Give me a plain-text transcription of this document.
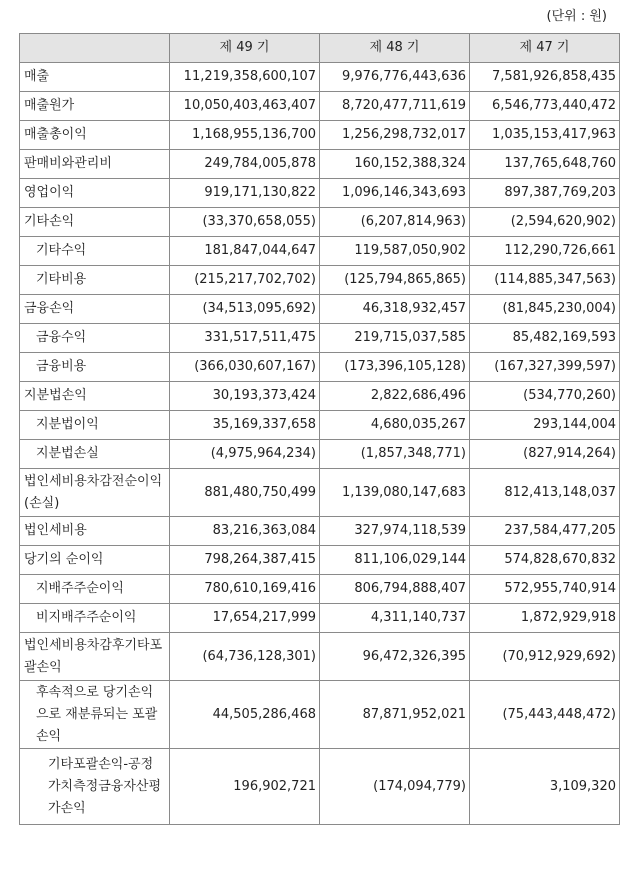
(단위 : 원)
	제 49 기	제 48 기	제 47 기
매출	11,219,358,600,107	9,976,776,443,636	7,581,926,858,435
매출원가	10,050,403,463,407	8,720,477,711,619	6,546,773,440,472
매출총이익	1,168,955,136,700	1,256,298,732,017	1,035,153,417,963
판매비와관리비	249,784,005,878	160,152,388,324	137,765,648,760
영업이익	919,171,130,822	1,096,146,343,693	897,387,769,203
기타손익	(33,370,658,055)	(6,207,814,963)	(2,594,620,902)
기타수익	181,847,044,647	119,587,050,902	112,290,726,661
기타비용	(215,217,702,702)	(125,794,865,865)	(114,885,347,563)
금융손익	(34,513,095,692)	46,318,932,457	(81,845,230,004)
금융수익	331,517,511,475	219,715,037,585	85,482,169,593
금융비용	(366,030,607,167)	(173,396,105,128)	(167,327,399,597)
지분법손익	30,193,373,424	2,822,686,496	(534,770,260)
지분법이익	35,169,337,658	4,680,035,267	293,144,004
지분법손실	(4,975,964,234)	(1,857,348,771)	(827,914,264)
법인세비용차감전순이익(손실)	881,480,750,499	1,139,080,147,683	812,413,148,037
법인세비용	83,216,363,084	327,974,118,539	237,584,477,205
당기의 순이익	798,264,387,415	811,106,029,144	574,828,670,832
지배주주순이익	780,610,169,416	806,794,888,407	572,955,740,914
비지배주주순이익	17,654,217,999	4,311,140,737	1,872,929,918
법인세비용차감후기타포괄손익	(64,736,128,301)	96,472,326,395	(70,912,929,692)
후속적으로 당기손익으로 재분류되는 포괄손익	44,505,286,468	87,871,952,021	(75,443,448,472)
기타포괄손익-공정가치측정금융자산평가손익	196,902,721	(174,094,779)	3,109,320
